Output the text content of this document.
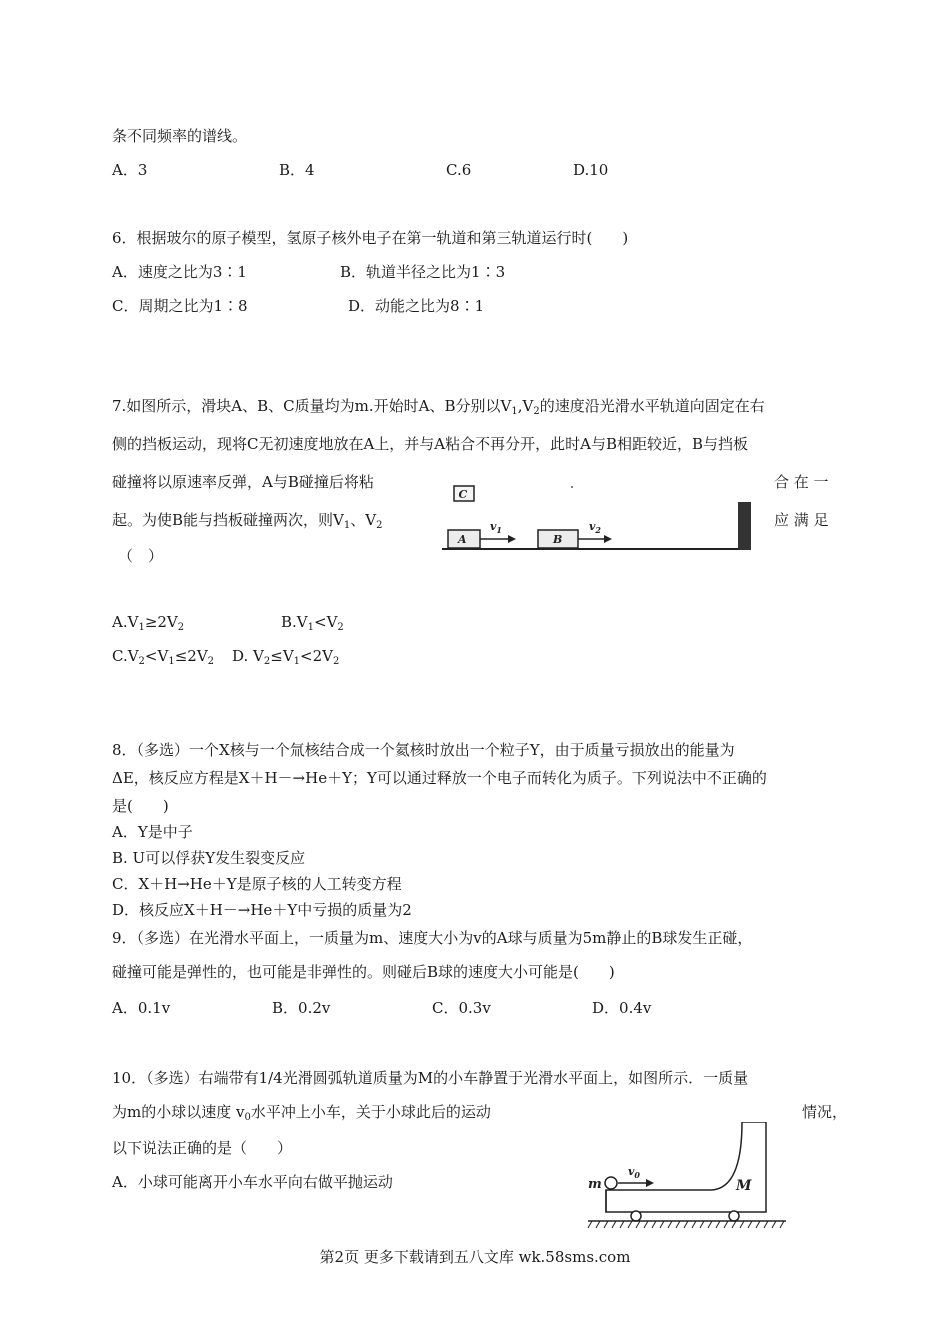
条不同频率的谱线。
A．3	B．4	C.6	D.10
6．根据玻尔的原子模型，氢原子核外电子在第一轨道和第三轨道运行时(　　)
A．速度之比为3∶1	B．轨道半径之比为1∶3
C．周期之比为1∶8	D．动能之比为8∶1
7.如图所示，滑块A、B、C质量均为m.开始时A、B分别以$V_1,V_2$的速度沿光滑水平轨道向固定在右
侧的挡板运动，现将C无初速度地放在A上，并与A粘合不再分开，此时A与B相距较近，B与挡板
碰撞将以原速率反弹，A与B碰撞后将粘	合 在 一
起。为使B能与挡板碰撞两次，则$V_1$、$V_2$	应 满 足
（　）
C
A
$v_1$
B
$v_2$
$A.V_1\ge 2V_2$	$B.V_1<V_2$
$C.V_2<V_1\le 2V_2$ D. $V_2\le V_1<2V_2$
8．（多选）一个X核与一个氚核结合成一个氦核时放出一个粒子Y，由于质量亏损放出的能量为
ΔE，核反应方程是X＋H－→He＋Y；Y可以通过释放一个电子而转化为质子。下列说法中不正确的
是(　　)
A．Y是中子
B. U可以俘获Y发生裂变反应
C．X＋H→He＋Y是原子核的人工转变方程
D．核反应X＋H－→He＋Y中亏损的质量为2
9．（多选）在光滑水平面上，一质量为m、速度大小为v的A球与质量为5m静止的B球发生正碰，
碰撞可能是弹性的，也可能是非弹性的。则碰后B球的速度大小可能是(　　)
A．0.1v	B．0.2v	C．0.3v	D．0.4v
10．（多选）右端带有1/4光滑圆弧轨道质量为M的小车静置于光滑水平面上，如图所示．一质量
为m的小球以速度 $v_0$水平冲上小车，关于小球此后的运动	情况，
以下说法正确的是（　　）
A．小球可能离开小车水平向右做平抛运动	m
$v_0$
M
第2页 更多下载请到五八文库 wk.58sms.com
